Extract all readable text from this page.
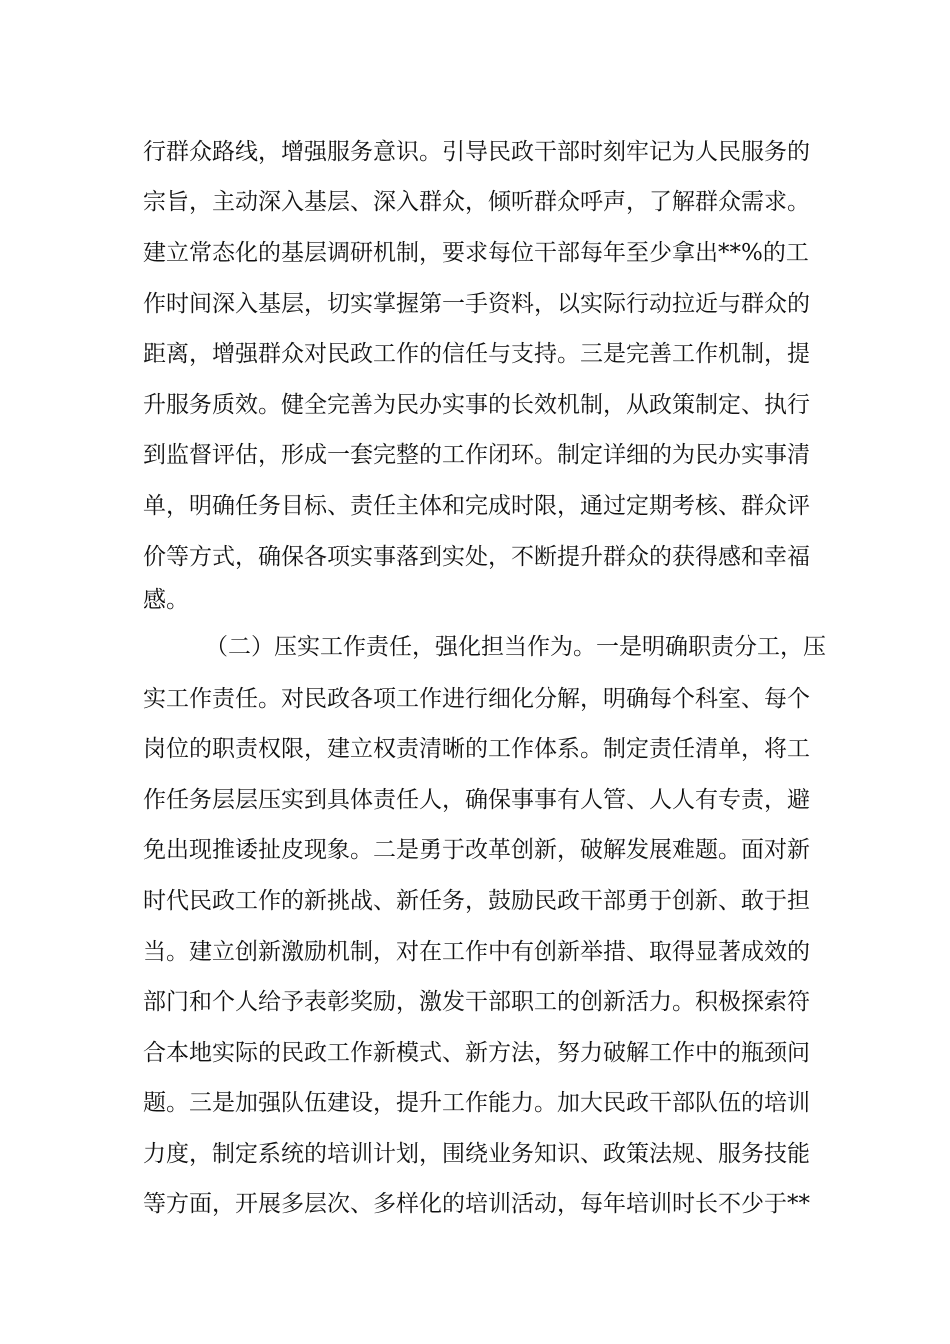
行群众路线，增强服务意识。引导民政干部时刻牢记为人民服务的
宗旨，主动深入基层、深入群众，倾听群众呼声，了解群众需求。
建立常态化的基层调研机制，要求每位干部每年至少拿出**%的工
作时间深入基层，切实掌握第一手资料，以实际行动拉近与群众的
距离，增强群众对民政工作的信任与支持。三是完善工作机制，提
升服务质效。健全完善为民办实事的长效机制，从政策制定、执行
到监督评估，形成一套完整的工作闭环。制定详细的为民办实事清
单，明确任务目标、责任主体和完成时限，通过定期考核、群众评
价等方式，确保各项实事落到实处，不断提升群众的获得感和幸福
感。
（二）压实工作责任，强化担当作为。一是明确职责分工，压
实工作责任。对民政各项工作进行细化分解，明确每个科室、每个
岗位的职责权限，建立权责清晰的工作体系。制定责任清单，将工
作任务层层压实到具体责任人，确保事事有人管、人人有专责，避
免出现推诿扯皮现象。二是勇于改革创新，破解发展难题。面对新
时代民政工作的新挑战、新任务，鼓励民政干部勇于创新、敢于担
当。建立创新激励机制，对在工作中有创新举措、取得显著成效的
部门和个人给予表彰奖励，激发干部职工的创新活力。积极探索符
合本地实际的民政工作新模式、新方法，努力破解工作中的瓶颈问
题。三是加强队伍建设，提升工作能力。加大民政干部队伍的培训
力度，制定系统的培训计划，围绕业务知识、政策法规、服务技能
等方面，开展多层次、多样化的培训活动，每年培训时长不少于**
